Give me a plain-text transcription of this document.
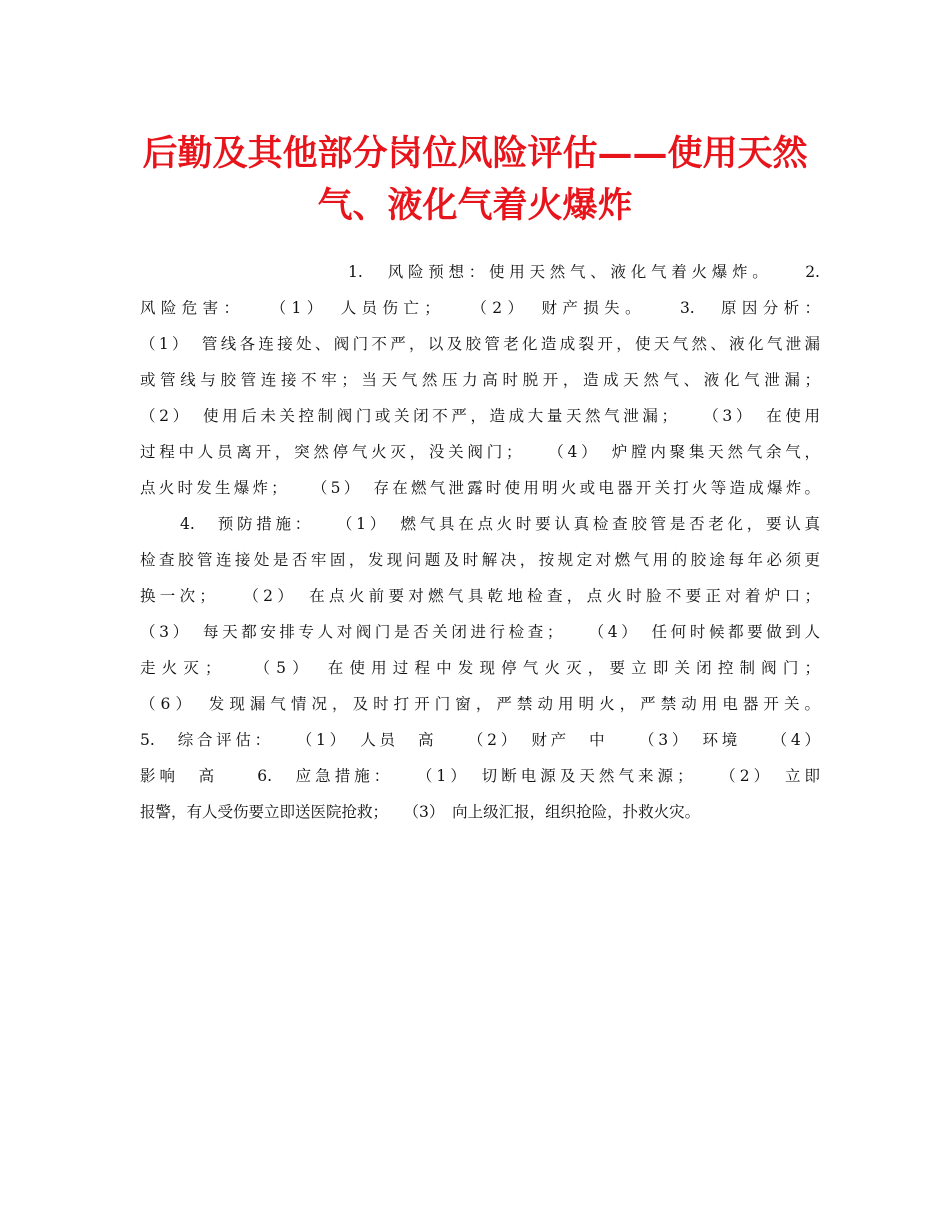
后勤及其他部分岗位风险评估——使用天然
气、液化气着火爆炸
1.　风险预想：使用天然气、液化气着火爆炸。　　2.
风险危害：　　（1）　人员伤亡；　　（2）　财产损失。　　3.　原因分析：
（1）　管线各连接处、阀门不严，以及胶管老化造成裂开，使天气然、液化气泄漏
或管线与胶管连接不牢；当天气然压力高时脱开，造成天然气、液化气泄漏；
（2）　使用后未关控制阀门或关闭不严，造成大量天然气泄漏；　　（3）　在使用
过程中人员离开，突然停气火灭，没关阀门；　　（4）　炉膛内聚集天然气余气，
点火时发生爆炸；　　（5）　存在燃气泄露时使用明火或电器开关打火等造成爆炸。
4.　预防措施：　　（1）　燃气具在点火时要认真检查胶管是否老化，要认真
检查胶管连接处是否牢固，发现问题及时解决，按规定对燃气用的胶途每年必须更
换一次；　　（2）　在点火前要对燃气具乾地检查，点火时脸不要正对着炉口；
（3）　每天都安排专人对阀门是否关闭进行检查；　　（4）　任何时候都要做到人
走火灭；　　（5）　在使用过程中发现停气火灭，要立即关闭控制阀门；
（6）　发现漏气情况，及时打开门窗，严禁动用明火，严禁动用电器开关。
5.　综合评估：　　（1）　人员　高　　（2）　财产　中　　（3）　环境　　（4）
影响　高　　6.　应急措施：　　（1）　切断电源及天然气来源；　　（2）　立即
报警，有人受伤要立即送医院抢救；　　（3）　向上级汇报，组织抢险，扑救火灾。
